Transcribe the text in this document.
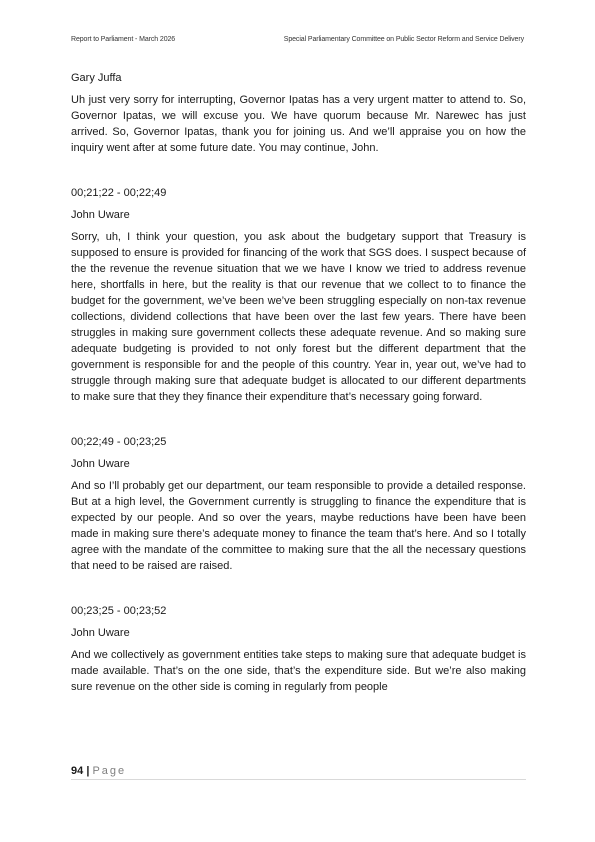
Report to Parliament - March 2026	Special Parliamentary Committee on Public Sector Reform and Service Delivery
Gary Juffa
Uh just very sorry for interrupting, Governor Ipatas has a very urgent matter to attend to. So, Governor Ipatas, we will excuse you. We have quorum because Mr. Narewec has just arrived. So, Governor Ipatas, thank you for joining us. And we’ll appraise you on how the inquiry went after at some future date. You may continue, John.
00;21;22 - 00;22;49
John Uware
Sorry, uh, I think your question, you ask about the budgetary support that Treasury is supposed to ensure is provided for financing of the work that SGS does. I suspect because of the the revenue the revenue situation that we we have I know we tried to address revenue here, shortfalls in here, but the reality is that our revenue that we collect to to finance the budget for the government, we’ve been we’ve been struggling especially on non-tax revenue collections, dividend collections that have been over the last few years. There have been struggles in making sure government collects these adequate revenue. And so making sure adequate budgeting is provided to not only forest but the different department that the government is responsible for and the people of this country. Year in, year out, we’ve had to struggle through making sure that adequate budget is allocated to our different departments to make sure that they they finance their expenditure that’s necessary going forward.
00;22;49 - 00;23;25
John Uware
And so I’ll probably get our department, our team responsible to provide a detailed response. But at a high level, the Government currently is struggling to finance the expenditure that is expected by our people. And so over the years, maybe reductions have been have been made in making sure there’s adequate money to finance the team that’s here. And so I totally agree with the mandate of the committee to making sure that the all the necessary questions that need to be raised are raised.
00;23;25 - 00;23;52
John Uware
And we collectively as government entities take steps to making sure that adequate budget is made available. That’s on the one side, that’s the expenditure side. But we’re also making sure revenue on the other side is coming in regularly from people
94 | Page
